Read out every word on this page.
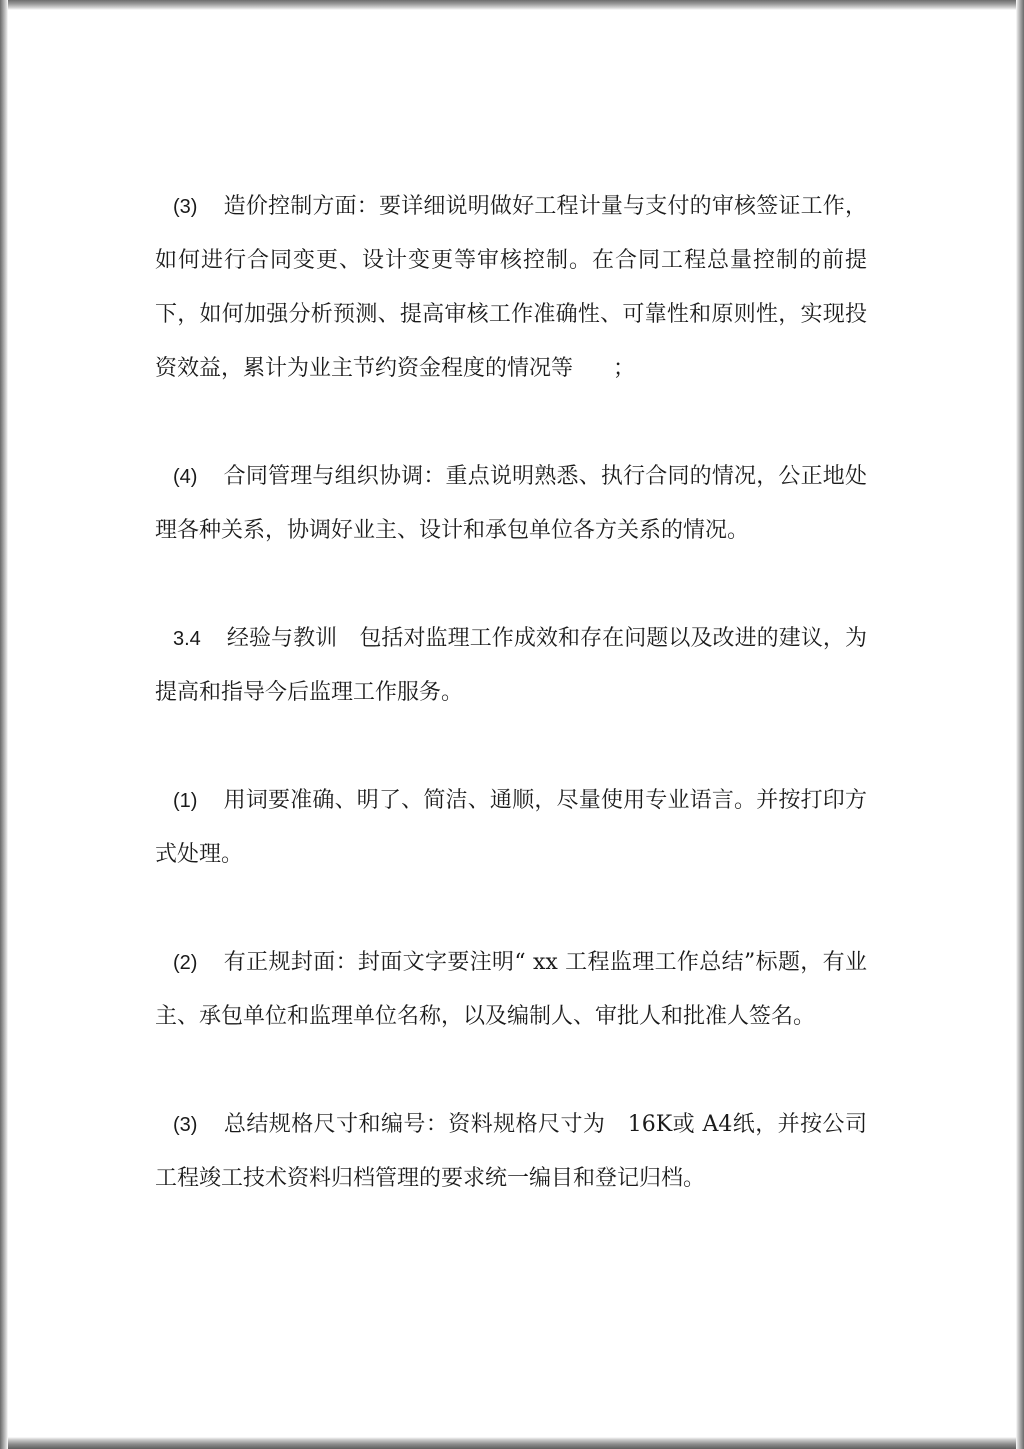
(3) 造价控制方面：要详细说明做好工程计量与支付的审核签证工作，如何进行合同变更、设计变更等审核控制。在合同工程总量控制的前提下，如何加强分析预测、提高审核工作准确性、可靠性和原则性，实现投资效益，累计为业主节约资金程度的情况等 ；

(4) 合同管理与组织协调：重点说明熟悉、执行合同的情况，公正地处理各种关系，协调好业主、设计和承包单位各方关系的情况。

3.4 经验与教训　包括对监理工作成效和存在问题以及改进的建议，为提高和指导今后监理工作服务。

(1) 用词要准确、明了、简洁、通顺，尽量使用专业语言。并按打印方式处理。

(2) 有正规封面：封面文字要注明“ xx 工程监理工作总结”标题，有业主、承包单位和监理单位名称，以及编制人、审批人和批准人签名。

(3) 总结规格尺寸和编号：资料规格尺寸为　16K或 A4纸，并按公司工程竣工技术资料归档管理的要求统一编目和登记归档。
